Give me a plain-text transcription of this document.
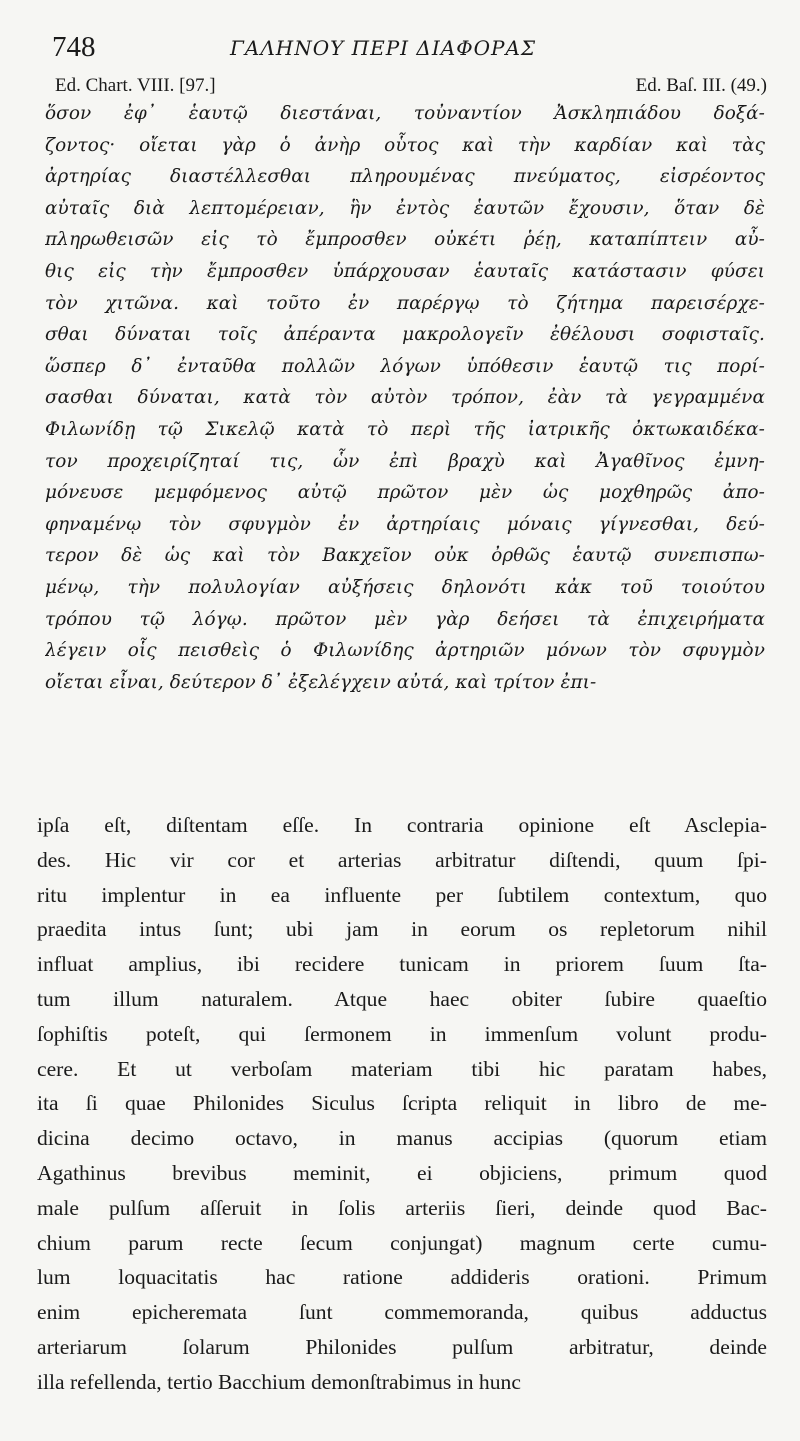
748	ΓΑΛΗΝΟΥ ΠΕΡΙ ΔΙΑΦΟΡΑΣ
Ed. Chart. VIII. [97.]	Ed. Baſ. III. (49.)
ὅσον ἐφ᾽ ἑαυτῷ διεστάναι, τοὐναντίον Ἀσκληπιάδου δοξά-
ζοντος· οἴεται γὰρ ὁ ἀνὴρ οὗτος καὶ τὴν καρδίαν καὶ τὰς
ἀρτηρίας διαστέλλεσθαι πληρουμένας πνεύματος, εἰσρέοντος
αὐταῖς διὰ λεπτομέρειαν, ἣν ἐντὸς ἑαυτῶν ἔχουσιν, ὅταν δὲ
πληρωθεισῶν εἰς τὸ ἔμπροσθεν οὐκέτι ῥέῃ, καταπίπτειν αὖ-
θις εἰς τὴν ἔμπροσθεν ὑπάρχουσαν ἑαυταῖς κατάστασιν φύσει
τὸν χιτῶνα. καὶ τοῦτο ἐν παρέργῳ τὸ ζήτημα παρεισέρχε-
σθαι δύναται τοῖς ἀπέραντα μακρολογεῖν ἐθέλουσι σοφισταῖς.
ὥσπερ δ᾽ ἐνταῦθα πολλῶν λόγων ὑπόθεσιν ἑαυτῷ τις πορί-
σασθαι δύναται, κατὰ τὸν αὐτὸν τρόπον, ἐὰν τὰ γεγραμμένα
Φιλωνίδῃ τῷ Σικελῷ κατὰ τὸ περὶ τῆς ἰατρικῆς ὀκτωκαιδέκα-
τον προχειρίζηταί τις, ὧν ἐπὶ βραχὺ καὶ Ἀγαθῖνος ἐμνη-
μόνευσε μεμφόμενος αὐτῷ πρῶτον μὲν ὡς μοχθηρῶς ἀπο-
φηναμένῳ τὸν σφυγμὸν ἐν ἀρτηρίαις μόναις γίγνεσθαι, δεύ-
τερον δὲ ὡς καὶ τὸν Βακχεῖον οὐκ ὀρθῶς ἑαυτῷ συνεπισπω-
μένῳ, τὴν πολυλογίαν αὐξήσεις δηλονότι κἀκ τοῦ τοιούτου
τρόπου τῷ λόγῳ. πρῶτον μὲν γὰρ δεήσει τὰ ἐπιχειρήματα
λέγειν οἷς πεισθεὶς ὁ Φιλωνίδης ἀρτηριῶν μόνων τὸν σφυγμὸν
οἴεται εἶναι, δεύτερον δ᾽ ἐξελέγχειν αὐτά, καὶ τρίτον ἐπι-
ipſa eſt, diſtentam eſſe. In contraria opinione eſt Asclepia-
des. Hic vir cor et arterias arbitratur diſtendi, quum ſpi-
ritu implentur in ea influente per ſubtilem contextum, quo
praedita intus ſunt; ubi jam in eorum os repletorum nihil
influat amplius, ibi recidere tunicam in priorem ſuum ſta-
tum illum naturalem. Atque haec obiter ſubire quaeſtio
ſophiſtis poteſt, qui ſermonem in immenſum volunt produ-
cere. Et ut verboſam materiam tibi hic paratam habes,
ita ſi quae Philonides Siculus ſcripta reliquit in libro de me-
dicina decimo octavo, in manus accipias (quorum etiam
Agathinus brevibus meminit, ei objiciens, primum quod
male pulſum aſſeruit in ſolis arteriis ſieri, deinde quod Bac-
chium parum recte ſecum conjungat) magnum certe cumu-
lum loquacitatis hac ratione addideris orationi. Primum
enim epicheremata ſunt commemoranda, quibus adductus
arteriarum ſolarum Philonides pulſum arbitratur, deinde
illa refellenda, tertio Bacchium demonſtrabimus in hunc
